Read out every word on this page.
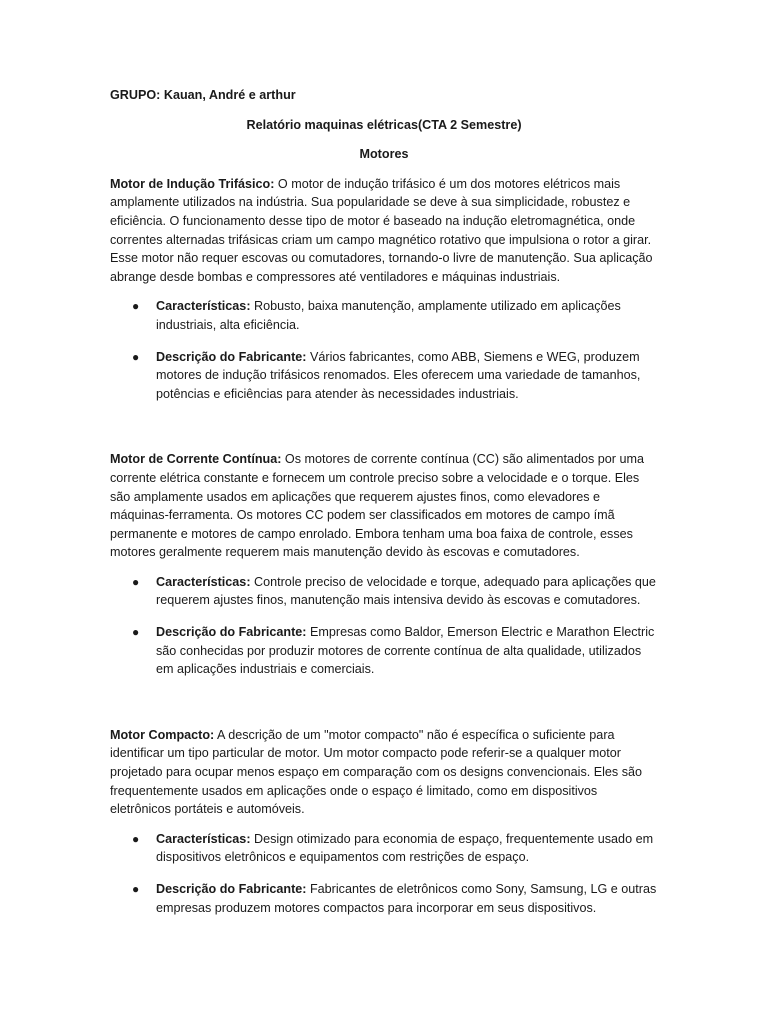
GRUPO: Kauan, André e arthur

Relatório maquinas elétricas(CTA 2 Semestre)

Motores

Motor de Indução Trifásico: O motor de indução trifásico é um dos motores elétricos mais amplamente utilizados na indústria. Sua popularidade se deve à sua simplicidade, robustez e eficiência. O funcionamento desse tipo de motor é baseado na indução eletromagnética, onde correntes alternadas trifásicas criam um campo magnético rotativo que impulsiona o rotor a girar. Esse motor não requer escovas ou comutadores, tornando-o livre de manutenção. Sua aplicação abrange desde bombas e compressores até ventiladores e máquinas industriais.

● Características: Robusto, baixa manutenção, amplamente utilizado em aplicações industriais, alta eficiência.
● Descrição do Fabricante: Vários fabricantes, como ABB, Siemens e WEG, produzem motores de indução trifásicos renomados. Eles oferecem uma variedade de tamanhos, potências e eficiências para atender às necessidades industriais.

Motor de Corrente Contínua: Os motores de corrente contínua (CC) são alimentados por uma corrente elétrica constante e fornecem um controle preciso sobre a velocidade e o torque. Eles são amplamente usados em aplicações que requerem ajustes finos, como elevadores e máquinas-ferramenta. Os motores CC podem ser classificados em motores de campo ímã permanente e motores de campo enrolado. Embora tenham uma boa faixa de controle, esses motores geralmente requerem mais manutenção devido às escovas e comutadores.

● Características: Controle preciso de velocidade e torque, adequado para aplicações que requerem ajustes finos, manutenção mais intensiva devido às escovas e comutadores.
● Descrição do Fabricante: Empresas como Baldor, Emerson Electric e Marathon Electric são conhecidas por produzir motores de corrente contínua de alta qualidade, utilizados em aplicações industriais e comerciais.

Motor Compacto: A descrição de um "motor compacto" não é específica o suficiente para identificar um tipo particular de motor. Um motor compacto pode referir-se a qualquer motor projetado para ocupar menos espaço em comparação com os designs convencionais. Eles são frequentemente usados em aplicações onde o espaço é limitado, como em dispositivos eletrônicos portáteis e automóveis.

● Características: Design otimizado para economia de espaço, frequentemente usado em dispositivos eletrônicos e equipamentos com restrições de espaço.
● Descrição do Fabricante: Fabricantes de eletrônicos como Sony, Samsung, LG e outras empresas produzem motores compactos para incorporar em seus dispositivos.
